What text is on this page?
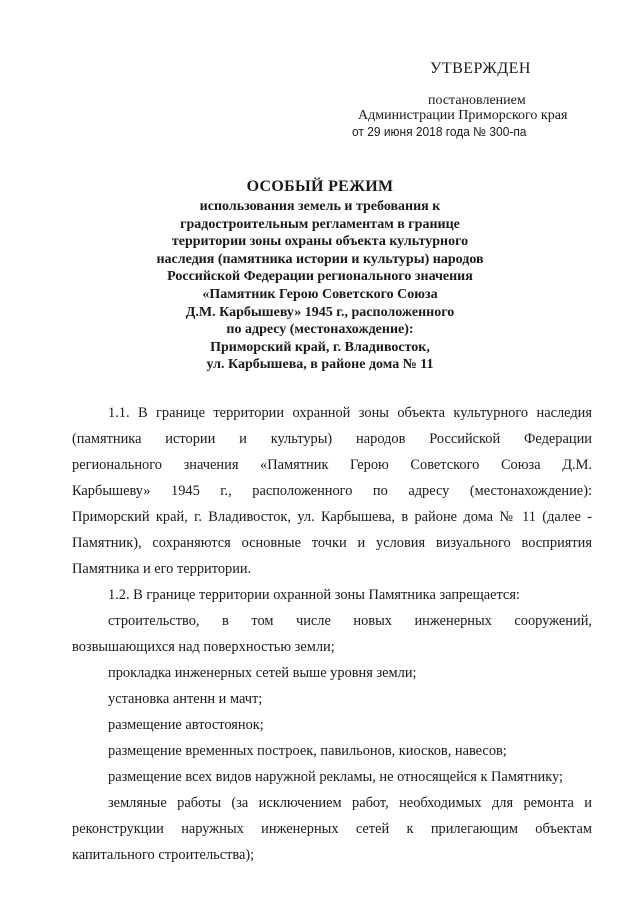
УТВЕРЖДЕН
постановлением
Администрации Приморского края
от 29 июня 2018 года № 300-па
ОСОБЫЙ РЕЖИМ
использования земель и требования к
градостроительным регламентам в границе
территории зоны охраны объекта культурного
наследия (памятника истории и культуры) народов
Российской Федерации регионального значения
«Памятник Герою Советского Союза
Д.М. Карбышеву» 1945 г., расположенного
по адресу (местонахождение):
Приморский край, г. Владивосток,
ул. Карбышева, в районе дома № 11

1.1. В границе территории охранной зоны объекта культурного наследия

(памятника истории и культуры) народов Российской Федерации

регионального значения «Памятник Герою Советского Союза Д.М.

Карбышеву» 1945 г., расположенного по адресу (местонахождение):

Приморский край, г. Владивосток, ул. Карбышева, в районе дома № 11 (далее -

Памятник), сохраняются основные точки и условия визуального восприятия

Памятника и его территории.

1.2. В границе территории охранной зоны Памятника запрещается:

строительство, в том числе новых инженерных сооружений,

возвышающихся над поверхностью земли;

прокладка инженерных сетей выше уровня земли;

установка антенн и мачт;

размещение автостоянок;

размещение временных построек, павильонов, киосков, навесов;

размещение всех видов наружной рекламы, не относящейся к Памятнику;

земляные работы (за исключением работ, необходимых для ремонта и

реконструкции наружных инженерных сетей к прилегающим объектам

капитального строительства);
